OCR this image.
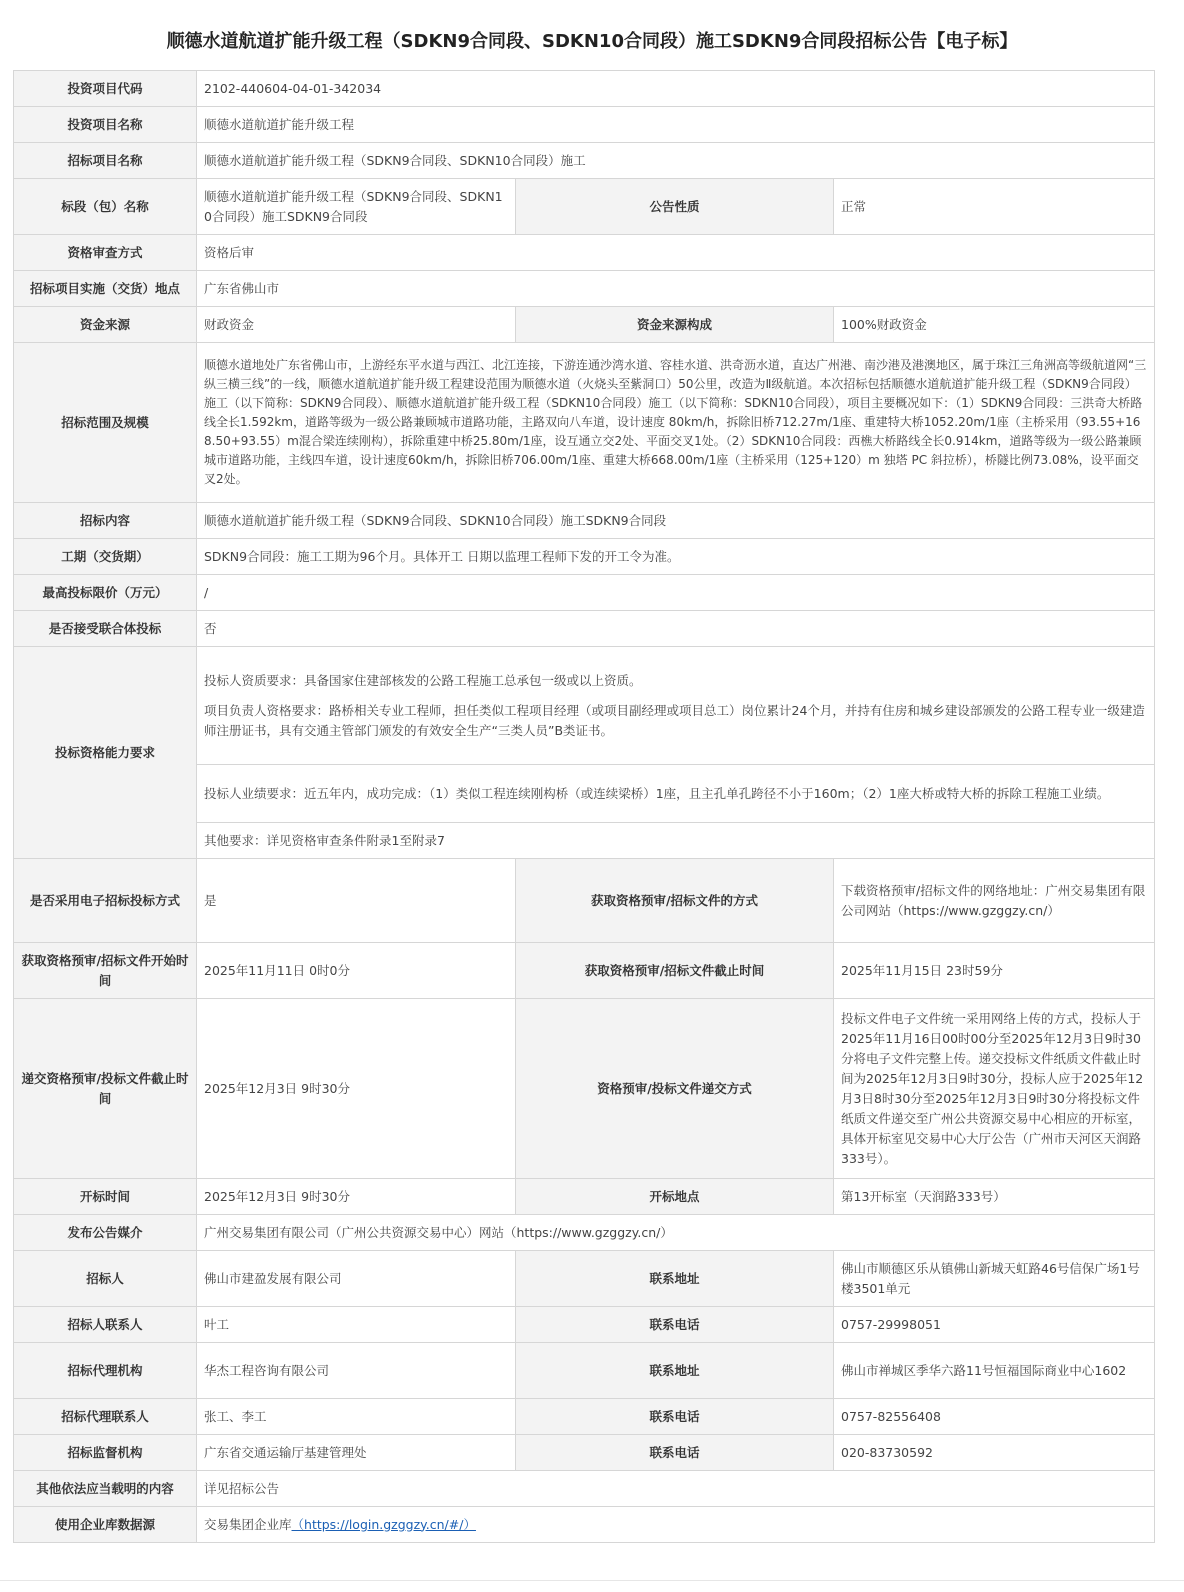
顺德水道航道扩能升级工程（SDKN9合同段、SDKN10合同段）施工SDKN9合同段招标公告【电子标】
投资项目代码	2102-440604-04-01-342034		
投资项目名称	顺德水道航道扩能升级工程		
招标项目名称	顺德水道航道扩能升级工程（SDKN9合同段、SDKN10合同段）施工		
标段（包）名称	顺德水道航道扩能升级工程（SDKN9合同段、SDKN10合同段）施工SDKN9合同段	公告性质	正常
资格审查方式	资格后审		
招标项目实施（交货）地点	广东省佛山市		
资金来源	财政资金	资金来源构成	100%财政资金
招标范围及规模	顺德水道地处广东省佛山市，上游经东平水道与西江、北江连接，下游连通沙湾水道、容桂水道、洪奇沥水道，直达广州港、南沙港及港澳地区，属于珠江三角洲高等级航道网“三纵三横三线”的一线，顺德水道航道扩能升级工程建设范围为顺德水道（火烧头至紫洞口）50公里，改造为Ⅱ级航道。本次招标包括顺德水道航道扩能升级工程（SDKN9合同段）施工（以下简称：SDKN9合同段）、顺德水道航道扩能升级工程（SDKN10合同段）施工（以下简称：SDKN10合同段），项目主要概况如下：（1）SDKN9合同段：三洪奇大桥路线全长1.592km，道路等级为一级公路兼顾城市道路功能，主路双向八车道，设计速度 80km/h，拆除旧桥712.27m/1座、重建特大桥1052.20m/1座（主桥采用（93.55+168.50+93.55）m混合梁连续刚构），拆除重建中桥25.80m/1座，设互通立交2处、平面交叉1处。（2）SDKN10合同段：西樵大桥路线全长0.914km，道路等级为一级公路兼顾城市道路功能，主线四车道，设计速度60km/h，拆除旧桥706.00m/1座、重建大桥668.00m/1座（主桥采用（125+120）m 独塔 PC 斜拉桥），桥隧比例73.08%，设平面交叉2处。		
招标内容	顺德水道航道扩能升级工程（SDKN9合同段、SDKN10合同段）施工SDKN9合同段		
工期（交货期）	SDKN9合同段：施工工期为96个月。具体开工 日期以监理工程师下发的开工令为准。		
最高投标限价（万元）	/		
是否接受联合体投标	否		
投标资格能力要求	投标人资质要求：具备国家住建部核发的公路工程施工总承包一级或以上资质。

项目负责人资格要求：路桥相关专业工程师，担任类似工程项目经理（或项目副经理或项目总工）岗位累计24个月，并持有住房和城乡建设部颁发的公路工程专业一级建造师注册证书，具有交通主管部门颁发的有效安全生产“三类人员”B类证书。		

	投标人业绩要求：近五年内，成功完成：（1）类似工程连续刚构桥（或连续梁桥）1座，且主孔单孔跨径不小于160m；（2）1座大桥或特大桥的拆除工程施工业绩。		
	其他要求：详见资格审查条件附录1至附录7		
是否采用电子招标投标方式	是	获取资格预审/招标文件的方式	下载资格预审/招标文件的网络地址：广州交易集团有限公司网站（https://www.gzggzy.cn/）
获取资格预审/招标文件开始时间	2025年11月11日 0时0分	获取资格预审/招标文件截止时间	2025年11月15日 23时59分
递交资格预审/投标文件截止时间	2025年12月3日 9时30分	资格预审/投标文件递交方式	投标文件电子文件统一采用网络上传的方式，投标人于2025年11月16日00时00分至2025年12月3日9时30分将电子文件完整上传。递交投标文件纸质文件截止时间为2025年12月3日9时30分，投标人应于2025年12月3日8时30分至2025年12月3日9时30分将投标文件纸质文件递交至广州公共资源交易中心相应的开标室，具体开标室见交易中心大厅公告（广州市天河区天润路333号）。
开标时间	2025年12月3日 9时30分	开标地点	第13开标室（天润路333号）
发布公告媒介	广州交易集团有限公司（广州公共资源交易中心）网站（https://www.gzggzy.cn/）		
招标人	佛山市建盈发展有限公司	联系地址	佛山市顺德区乐从镇佛山新城天虹路46号信保广场1号楼3501单元
招标人联系人	叶工	联系电话	0757-29998051
招标代理机构	华杰工程咨询有限公司	联系地址	佛山市禅城区季华六路11号恒福国际商业中心1602
招标代理联系人	张工、李工	联系电话	0757-82556408
招标监督机构	广东省交通运输厅基建管理处	联系电话	020-83730592
其他依法应当载明的内容	详见招标公告		
使用企业库数据源	交易集团企业库（https://login.gzggzy.cn/#/）		
